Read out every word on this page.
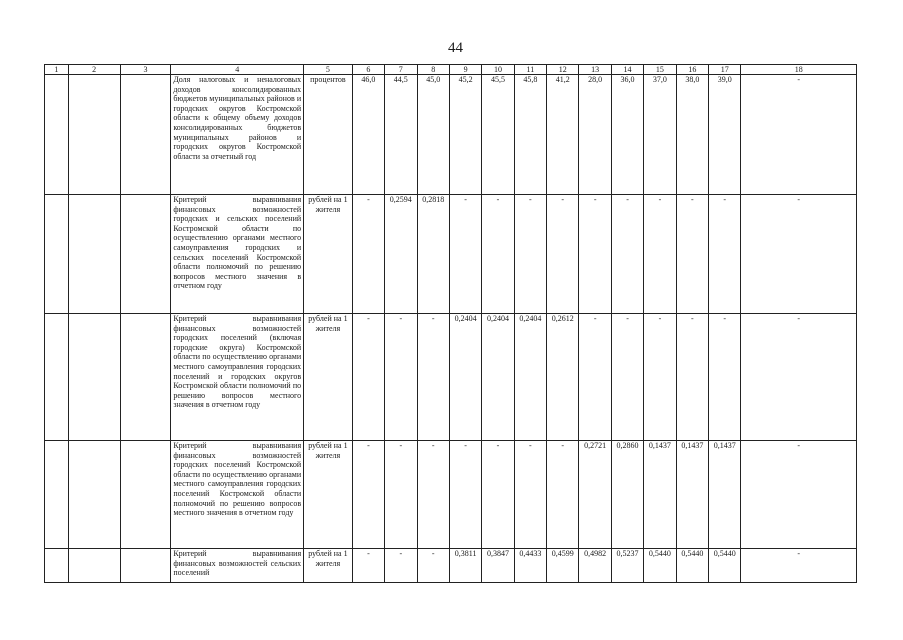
44
1	2	3	4	5	6	7	8	9	10	11	12	13	14	15	16	17	18
			Доля налоговых и неналоговых доходов консолидированных бюджетов муниципальных районов и городских округов Костромской области к общему объему доходов консолидированных бюджетов муниципальных районов и городских округов Костромской области за отчетный год	процентов	46,0	44,5	45,0	45,2	45,5	45,8	41,2	28,0	36,0	37,0	38,0	39,0	-
			Критерий выравнивания финансовых возможностей городских и сельских поселений Костромской области по осуществлению органами местного самоуправления городских и сельских поселений Костромской области полномочий по решению вопросов местного значения в отчетном году	рублей на 1 жителя	-	0,2594	0,2818	-	-	-	-	-	-	-	-	-	-
			Критерий выравнивания финансовых возможностей городских поселений (включая городские округа) Костромской области по осуществлению органами местного самоуправления городских поселений и городских округов Костромской области полномочий по решению вопросов местного значения в отчетном году	рублей на 1 жителя	-	-	-	0,2404	0,2404	0,2404	0,2612	-	-	-	-	-	-
			Критерий выравнивания финансовых возможностей городских поселений Костромской области по осуществлению органами местного самоуправления городских поселений Костромской области полномочий по решению вопросов местного значения в отчетном году	рублей на 1 жителя	-	-	-	-	-	-	-	0,2721	0,2860	0,1437	0,1437	0,1437	-
			Критерий выравнивания финансовых возможностей сельских поселений	рублей на 1 жителя	-	-	-	0,3811	0,3847	0,4433	0,4599	0,4982	0,5237	0,5440	0,5440	0,5440	-
